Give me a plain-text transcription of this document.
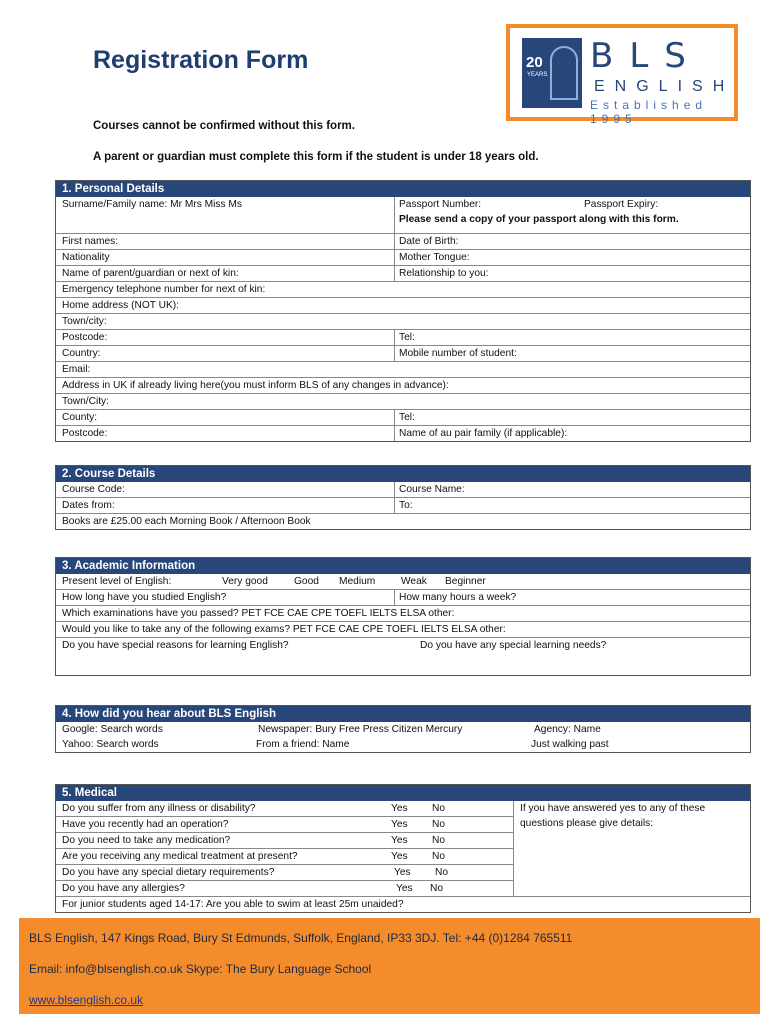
Registration Form	20
YEARS BLS
ENGLISH
Established 1995
Courses cannot be confirmed without this form.
A parent or guardian must complete this form if the student is under 18 years old.
1. Personal Details
Surname/Family name: Mr Mrs Miss Ms	Passport Number:	Passport Expiry:
Please send a copy of your passport along with this form.
First names:	Date of Birth:
Nationality	Mother Tongue:
Name of parent/guardian or next of kin:	Relationship to you:
Emergency telephone number for next of kin:
Home address (NOT UK):
Town/city:
Postcode:	Tel:
Country:	Mobile number of student:
Email:
Address in UK if already living here(you must inform BLS of any changes in advance):
Town/City:
County:	Tel:
Postcode:	Name of au pair family (if applicable):
2. Course Details
Course Code:	Course Name:
Dates from:	To:
Books are £25.00 each Morning Book / Afternoon Book
3. Academic Information
Present level of English:	Very good	Good Medium	Weak Beginner
How long have you studied English?	How many hours a week?
Which examinations have you passed? PET FCE CAE CPE TOEFL IELTS ELSA other:
Would you like to take any of the following exams? PET FCE CAE CPE TOEFL IELTS ELSA other:
Do you have special reasons for learning English?	Do you have any special learning needs?
4. How did you hear about BLS English
Google: Search words	Newspaper: Bury Free Press Citizen Mercury	Agency: Name
Yahoo: Search words	From a friend: Name	Just walking past
5. Medical
If you have answered yes to any of these
questions please give details:
Do you suffer from any illness or disability?	Yes No
Have you recently had an operation?	Yes No
Do you need to take any medication?	Yes No
Are you receiving any medical treatment at present?	Yes No
Do you have any special dietary requirements?	Yes No
Do you have any allergies?	Yes No
For junior students aged 14-17: Are you able to swim at least 25m unaided?
BLS English, 147 Kings Road, Bury St Edmunds, Suffolk, England, IP33 3DJ. Tel: +44 (0)1284 765511
Email: info@blsenglish.co.uk Skype: The Bury Language School
www.blsenglish.co.uk
